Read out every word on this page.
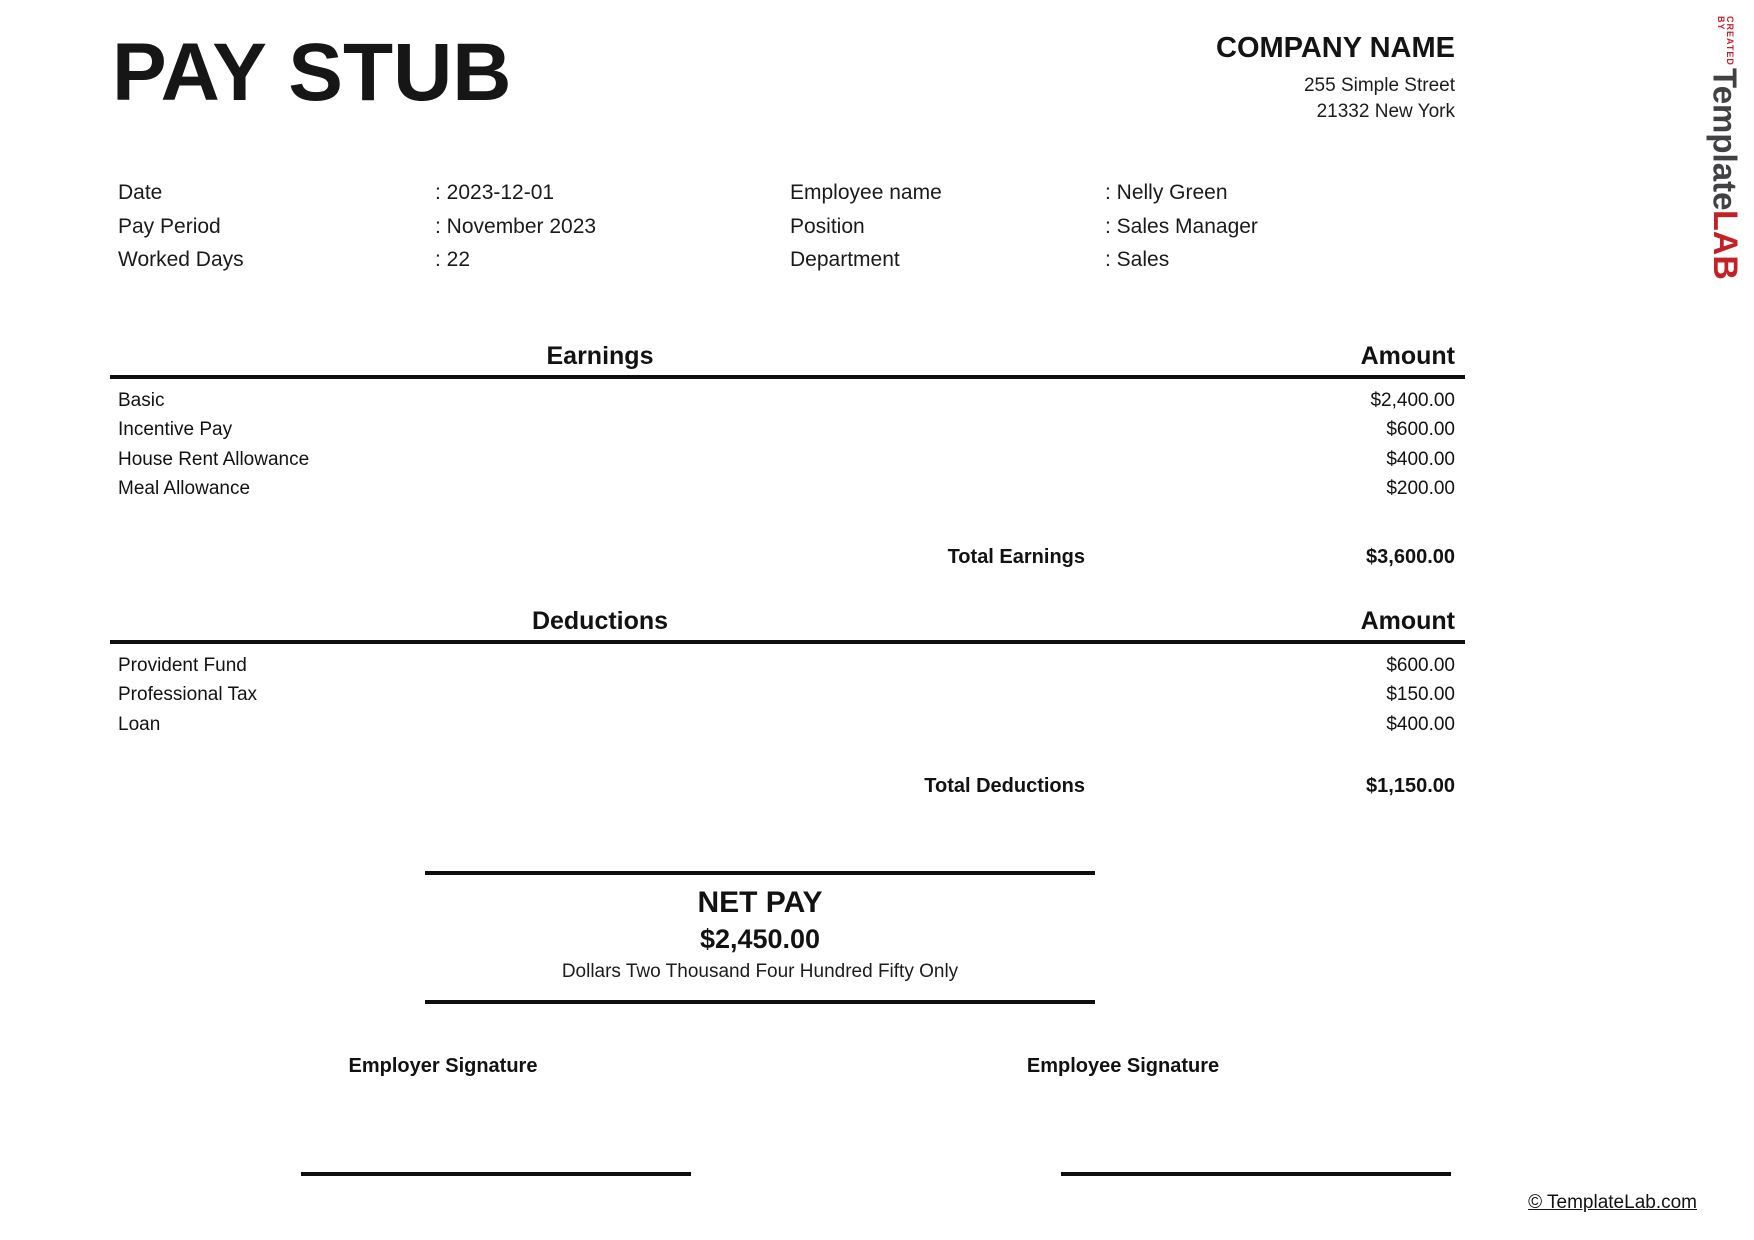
PAY STUB	COMPANY NAME
255 Simple Street
21332 New York
CREATED BY
Template
LAB
Date	: 2023-12-01	Employee name	: Nelly Green
Pay Period	: November 2023	Position	: Sales Manager
Worked Days	: 22	Department	: Sales
Earnings	Amount
Basic	$2,400.00
Incentive Pay	$600.00
House Rent Allowance	$400.00
Meal Allowance	$200.00
Total Earnings	$3,600.00
Deductions	Amount
Provident Fund	$600.00
Professional Tax	$150.00
Loan	$400.00
Total Deductions	$1,150.00
NET PAY
$2,450.00
Dollars Two Thousand Four Hundred Fifty Only
Employer Signature	Employee Signature
© TemplateLab.com
